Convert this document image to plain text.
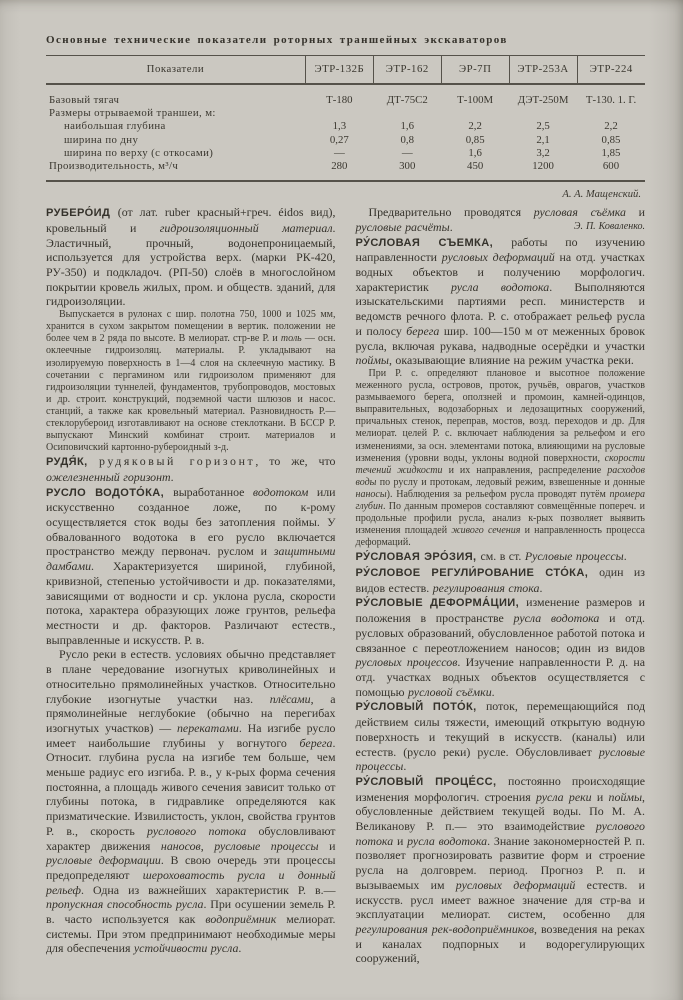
Основные технические показатели роторных траншейных экскаваторов
Показатели	ЭТР-132Б	ЭТР-162	ЭР-7П	ЭТР-253А	ЭТР-224
Базовый тягач	Т-180	ДТ-75С2	Т-100М	ДЭТ-250М	Т-130. 1. Г.
Размеры отрываемой траншеи, м:					
наибольшая глубина	1,3	1,6	2,2	2,5	2,2
ширина по дну	0,27	0,8	0,85	2,1	0,85
ширина по верху (с откосами)	—	—	1,6	3,2	1,85
Производительность, м³/ч	280	300	450	1200	600
А. А. Мащенский.

РУБЕРО́ИД (от лат. ruber красный+греч. éidos вид), кровельный и гидроизоляционный материал. Эластичный, прочный, водонепроницаемый, используется для устройства верх. (марки РК-420, РУ-350) и подкладоч. (РП-50) слоёв в многослойном покрытии кровель жилых, пром. и обществ. зданий, для гидроизоляции.

Выпускается в рулонах с шир. полотна 750, 1000 и 1025 мм, хранится в сухом закрытом помещении в вертик. положении не более чем в 2 ряда по высоте. В мелиорат. стр-ве Р. и толь — осн. оклеечные гидроизоляц. материалы. Р. укладывают на изолируемую поверхность в 1—4 слоя на склеечную мастику. В сочетании с пергамином или гидроизолом применяют для гидроизоляции туннелей, фундаментов, трубопроводов, мостовых и др. строит. конструкций, подземной части шлюзов и насос. станций, а также как кровельный материал. Разновидность Р.— стеклорубероид изготавливают на основе стеклоткани. В БССР Р. выпускают Минский комбинат строит. материалов и Осиповичский картонно-рубероидный з-д.

РУДЯ́К, рудяковый горизонт, то же, что ожелезненный горизонт.

РУСЛО ВОДОТО́КА, выработанное водотоком или искусственно созданное ложе, по к-рому осуществляется сток воды без затопления поймы. У обвалованного водотока в его русло включается пространство между первонач. руслом и защитными дамбами. Характеризуется шириной, глубиной, кривизной, степенью устойчивости и др. показателями, зависящими от водности и ср. уклона русла, скорости потока, характера образующих ложе грунтов, рельефа местности и др. факторов. Различают естеств., выправленные и искусств. Р. в.

Русло реки в естеств. условиях обычно представляет в плане чередование изогнутых криволинейных и относительно прямолинейных участков. Относительно глубокие изогнутые участки наз. плёсами, а прямолинейные неглубокие (обычно на перегибах изогнутых участков) — перекатами. На изгибе русло имеет наибольшие глубины у вогнутого берега. Относит. глубина русла на изгибе тем больше, чем меньше радиус его изгиба. Р. в., у к-рых форма сечения постоянна, а площадь живого сечения зависит только от глубины потока, в гидравлике определяются как призматические. Извилистость, уклон, свойства грунтов Р. в., скорость руслового потока обусловливают характер движения наносов, русловые процессы и русловые деформации. В свою очередь эти процессы предопределяют шероховатость русла и донный рельеф. Одна из важнейших характеристик Р. в.— пропускная способность русла. При осушении земель Р. в. часто используется как водоприёмник мелиорат. системы. При этом предпринимают необходимые меры для обеспечения устойчивости русла.

Предварительно проводятся русловая съёмка и русловые расчёты.	Э. П. Коваленко.

РУ́СЛОВАЯ СЪЕМКА, работы по изучению направленности русловых деформаций на отд. участках водных объектов и получению морфологич. характеристик русла водотока. Выполняются изыскательскими партиями респ. министерств и ведомств речного флота. Р. с. отображает рельеф русла и полосу берега шир. 100—150 м от меженных бровок русла, включая рукава, надводные осерёдки и участки поймы, оказывающие влияние на режим участка реки.

При Р. с. определяют плановое и высотное положение меженного русла, островов, проток, ручьёв, оврагов, участков размываемого берега, оползней и промоин, камней-одинцов, выправительных, водозаборных и ледозащитных сооружений, причальных стенок, переправ, мостов, возд. переходов и др. Для мелиорат. целей Р. с. включает наблюдения за рельефом и его изменениями, за осн. элементами потока, влияющими на русловые изменения (уровни воды, уклоны водной поверхности, скорости течений жидкости и их направления, распределение расходов воды по руслу и протокам, ледовый режим, взвешенные и донные наносы). Наблюдения за рельефом русла проводят путём промера глубин. По данным промеров составляют совмещённые попереч. и продольные профили русла, анализ к-рых позволяет выявить изменения площадей живого сечения и направленность процесса деформаций.

РУ́СЛОВАЯ ЭРО́ЗИЯ, см. в ст. Русловые процессы.

РУ́СЛОВОЕ РЕГУЛИ́РОВАНИЕ СТО́КА, один из видов естеств. регулирования стока.

РУ́СЛОВЫЕ ДЕФОРМА́ЦИИ, изменение размеров и положения в пространстве русла водотока и отд. русловых образований, обусловленное работой потока и связанное с переотложением наносов; один из видов русловых процессов. Изучение направленности Р. д. на отд. участках водных объектов осуществляется с помощью русловой съёмки.

РУ́СЛОВЫЙ ПОТО́К, поток, перемещающийся под действием силы тяжести, имеющий открытую водную поверхность и текущий в искусств. (каналы) или естеств. (русло реки) русле. Обусловливает русловые процессы.

РУ́СЛОВЫЙ ПРОЦЕ́СС, постоянно происходящие изменения морфологич. строения русла реки и поймы, обусловленные действием текущей воды. По М. А. Великанову Р. п.— это взаимодействие руслового потока и русла водотока. Знание закономерностей Р. п. позволяет прогнозировать развитие форм и строение русла на долговрем. период. Прогноз Р. п. и вызываемых им русловых деформаций естеств. и искусств. русл имеет важное значение для стр-ва и эксплуатации мелиорат. систем, особенно для регулирования рек-водоприёмников, возведения на реках и каналах подпорных и водорегулирующих сооружений,
